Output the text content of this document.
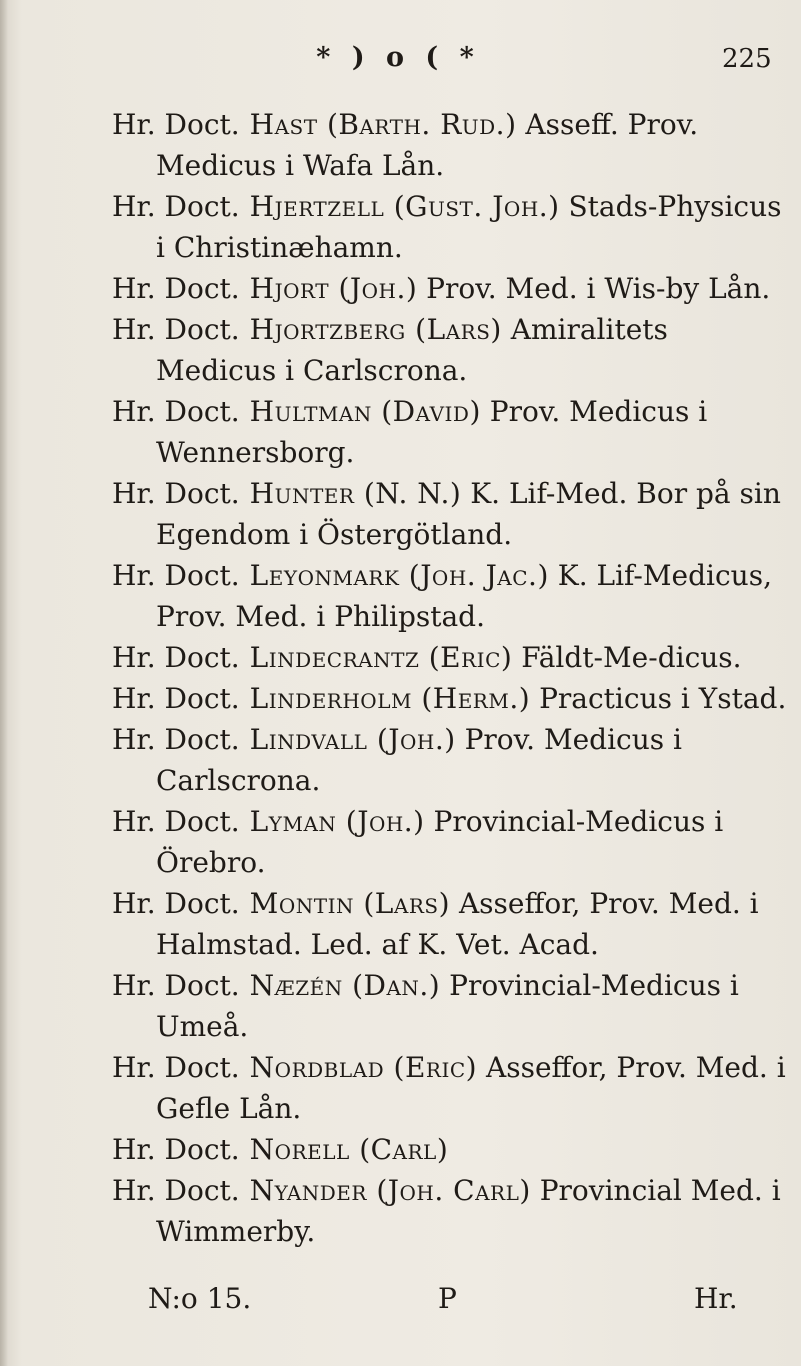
* ) o ( *	225

Hr. Doct. Hast (Barth. Rud.) Asseff. Prov. Medicus i Wafa Lån.

Hr. Doct. Hjertzell (Gust. Joh.) Stads-Physicus i Christinæhamn.

Hr. Doct. Hjort (Joh.) Prov. Med. i Wis-by Lån.

Hr. Doct. Hjortzberg (Lars) Amiralitets Medicus i Carlscrona.

Hr. Doct. Hultman (David) Prov. Medicus i Wennersborg.

Hr. Doct. Hunter (N. N.) K. Lif-Med. Bor på sin Egendom i Östergötland.

Hr. Doct. Leyonmark (Joh. Jac.) K. Lif-Medicus, Prov. Med. i Philipstad.

Hr. Doct. Lindecrantz (Eric) Fäldt-Me-dicus.

Hr. Doct. Linderholm (Herm.) Practicus i Ystad.

Hr. Doct. Lindvall (Joh.) Prov. Medicus i Carlscrona.

Hr. Doct. Lyman (Joh.) Provincial-Medicus i Örebro.

Hr. Doct. Montin (Lars) Asseffor, Prov. Med. i Halmstad. Led. af K. Vet. Acad.

Hr. Doct. Næzén (Dan.) Provincial-Medicus i Umeå.

Hr. Doct. Nordblad (Eric) Asseffor, Prov. Med. i Gefle Lån.

Hr. Doct. Norell (Carl)

Hr. Doct. Nyander (Joh. Carl) Provincial Med. i Wimmerby.

N:o 15.	P	Hr.
